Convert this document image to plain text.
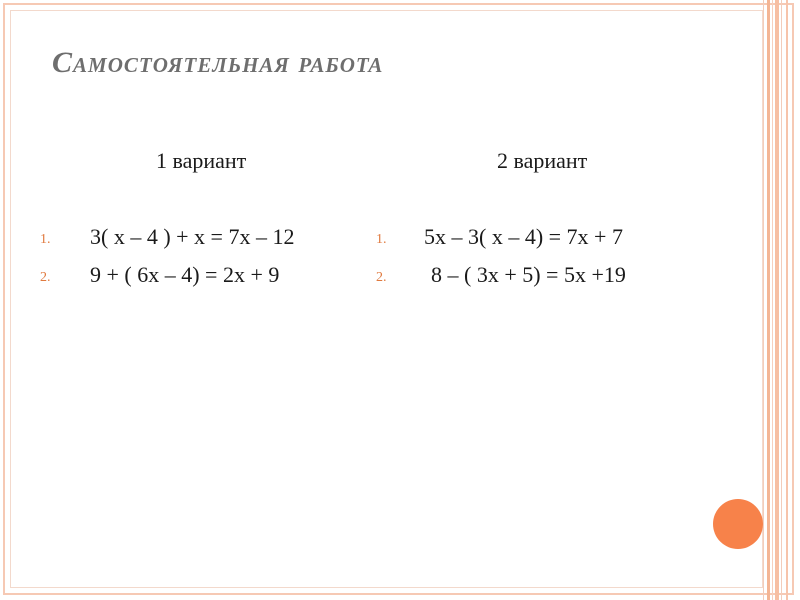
Самостоятельная работа
1 вариант	2 вариант
1. 3( х – 4 ) + х = 7х – 12
2. 9 + ( 6х – 4) = 2х + 9
1. 5х – 3( х – 4) = 7х + 7
2. 8 – ( 3х + 5) = 5х +19
